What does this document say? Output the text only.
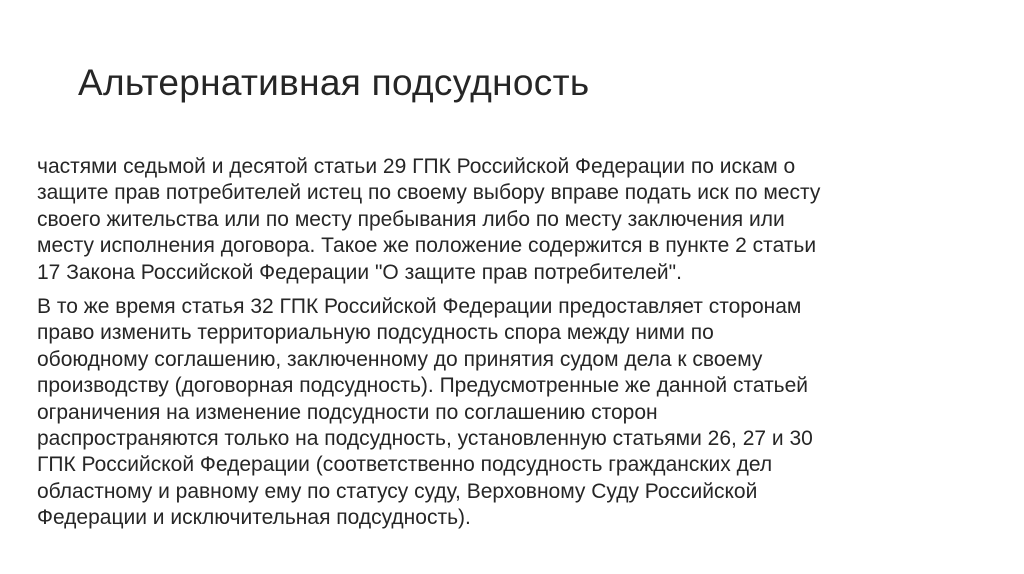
Альтернативная подсудность

частями седьмой и десятой статьи 29 ГПК Российской Федерации по искам о
защите прав потребителей истец по своему выбору вправе подать иск по месту
своего жительства или по месту пребывания либо по месту заключения или
месту исполнения договора. Такое же положение содержится в пункте 2 статьи
17 Закона Российской Федерации "О защите прав потребителей".

В то же время статья 32 ГПК Российской Федерации предоставляет сторонам
право изменить территориальную подсудность спора между ними по
обоюдному соглашению, заключенному до принятия судом дела к своему
производству (договорная подсудность). Предусмотренные же данной статьей
ограничения на изменение подсудности по соглашению сторон
распространяются только на подсудность, установленную статьями 26, 27 и 30
ГПК Российской Федерации (соответственно подсудность гражданских дел
областному и равному ему по статусу суду, Верховному Суду Российской
Федерации и исключительная подсудность).
